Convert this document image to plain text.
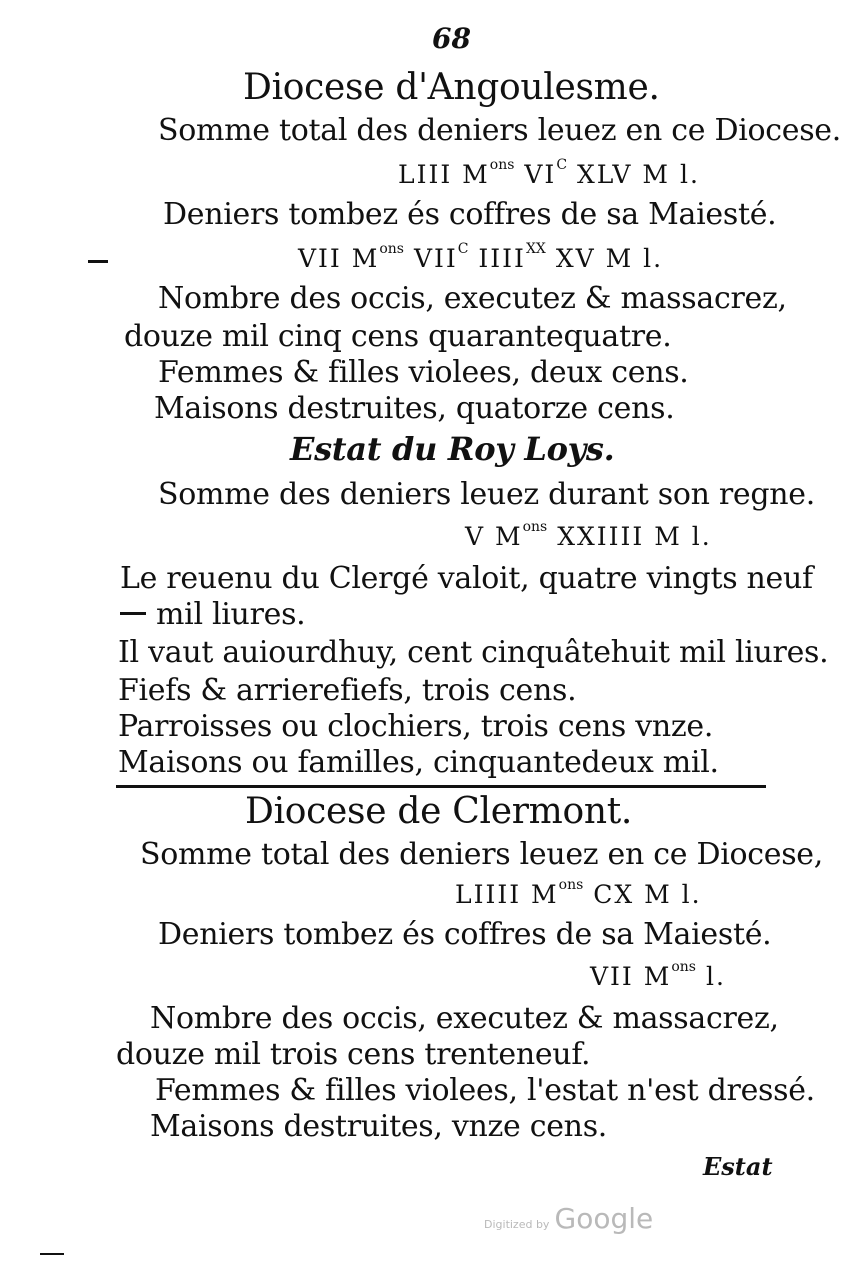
68
Diocese d'Angoulesme.
Somme total des deniers leuez en ce Diocese.
LIII $M^{ons}$ $VI^C$ XLV M l.
Deniers tombez és coffres de sa Maiesté.
VII $M^{ons}$ $VII^C$ $IIII^{XX}$ XV M l.
Nombre des occis, executez & massacrez,
douze mil cinq cens quarantequatre.
Femmes & filles violees, deux cens.
Maisons destruites, quatorze cens.
Estat du Roy Loys.
Somme des deniers leuez durant son regne.
V $M^{ons}$ XXIIII M l.
Le reuenu du Clergé valoit, quatre vingts neuf
mil liures.
Il vaut auiourdhuy, cent cinquâtehuit mil liures.
Fiefs & arrierefiefs, trois cens.
Parroisses ou clochiers, trois cens vnze.
Maisons ou familles, cinquantedeux mil.
Diocese de Clermont.
Somme total des deniers leuez en ce Diocese,
LIIII $M^{ons}$ CX M l.
Deniers tombez és coffres de sa Maiesté.
VII $M^{ons}$ l.
Nombre des occis, executez & massacrez,
douze mil trois cens trenteneuf.
Femmes & filles violees, l'estat n'est dressé.
Maisons destruites, vnze cens.
Estat
Digitized by Google
